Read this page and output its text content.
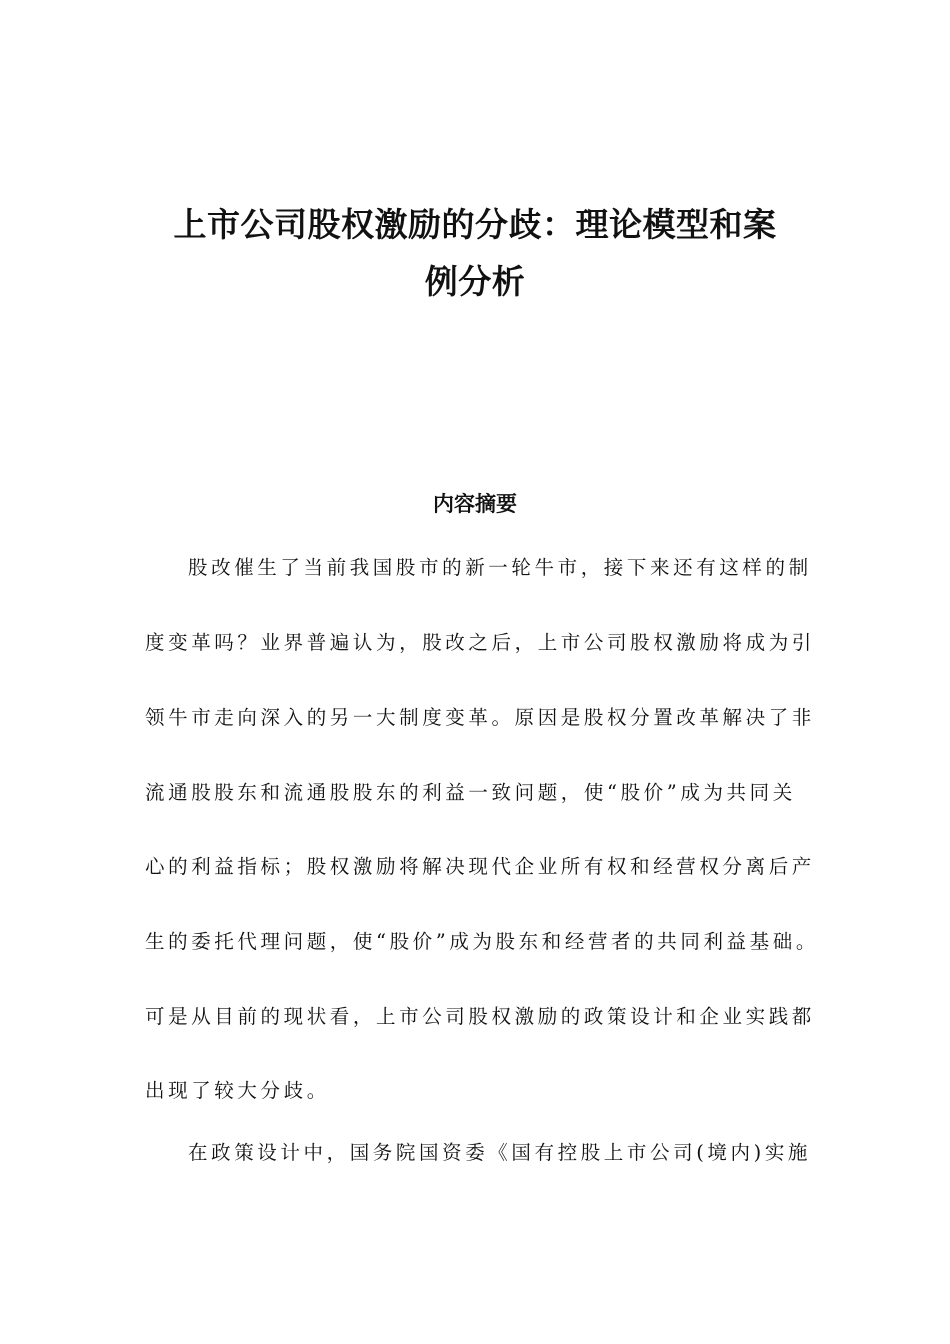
上市公司股权激励的分歧：理论模型和案
例分析
内容摘要
股改催生了当前我国股市的新一轮牛市，接下来还有这样的制
度变革吗？业界普遍认为，股改之后，上市公司股权激励将成为引
领牛市走向深入的另一大制度变革。原因是股权分置改革解决了非
流通股股东和流通股股东的利益一致问题，使“股价”成为共同关
心的利益指标；股权激励将解决现代企业所有权和经营权分离后产
生的委托代理问题，使“股价”成为股东和经营者的共同利益基础。
可是从目前的现状看，上市公司股权激励的政策设计和企业实践都
出现了较大分歧。
在政策设计中，国务院国资委《国有控股上市公司(境内)实施
